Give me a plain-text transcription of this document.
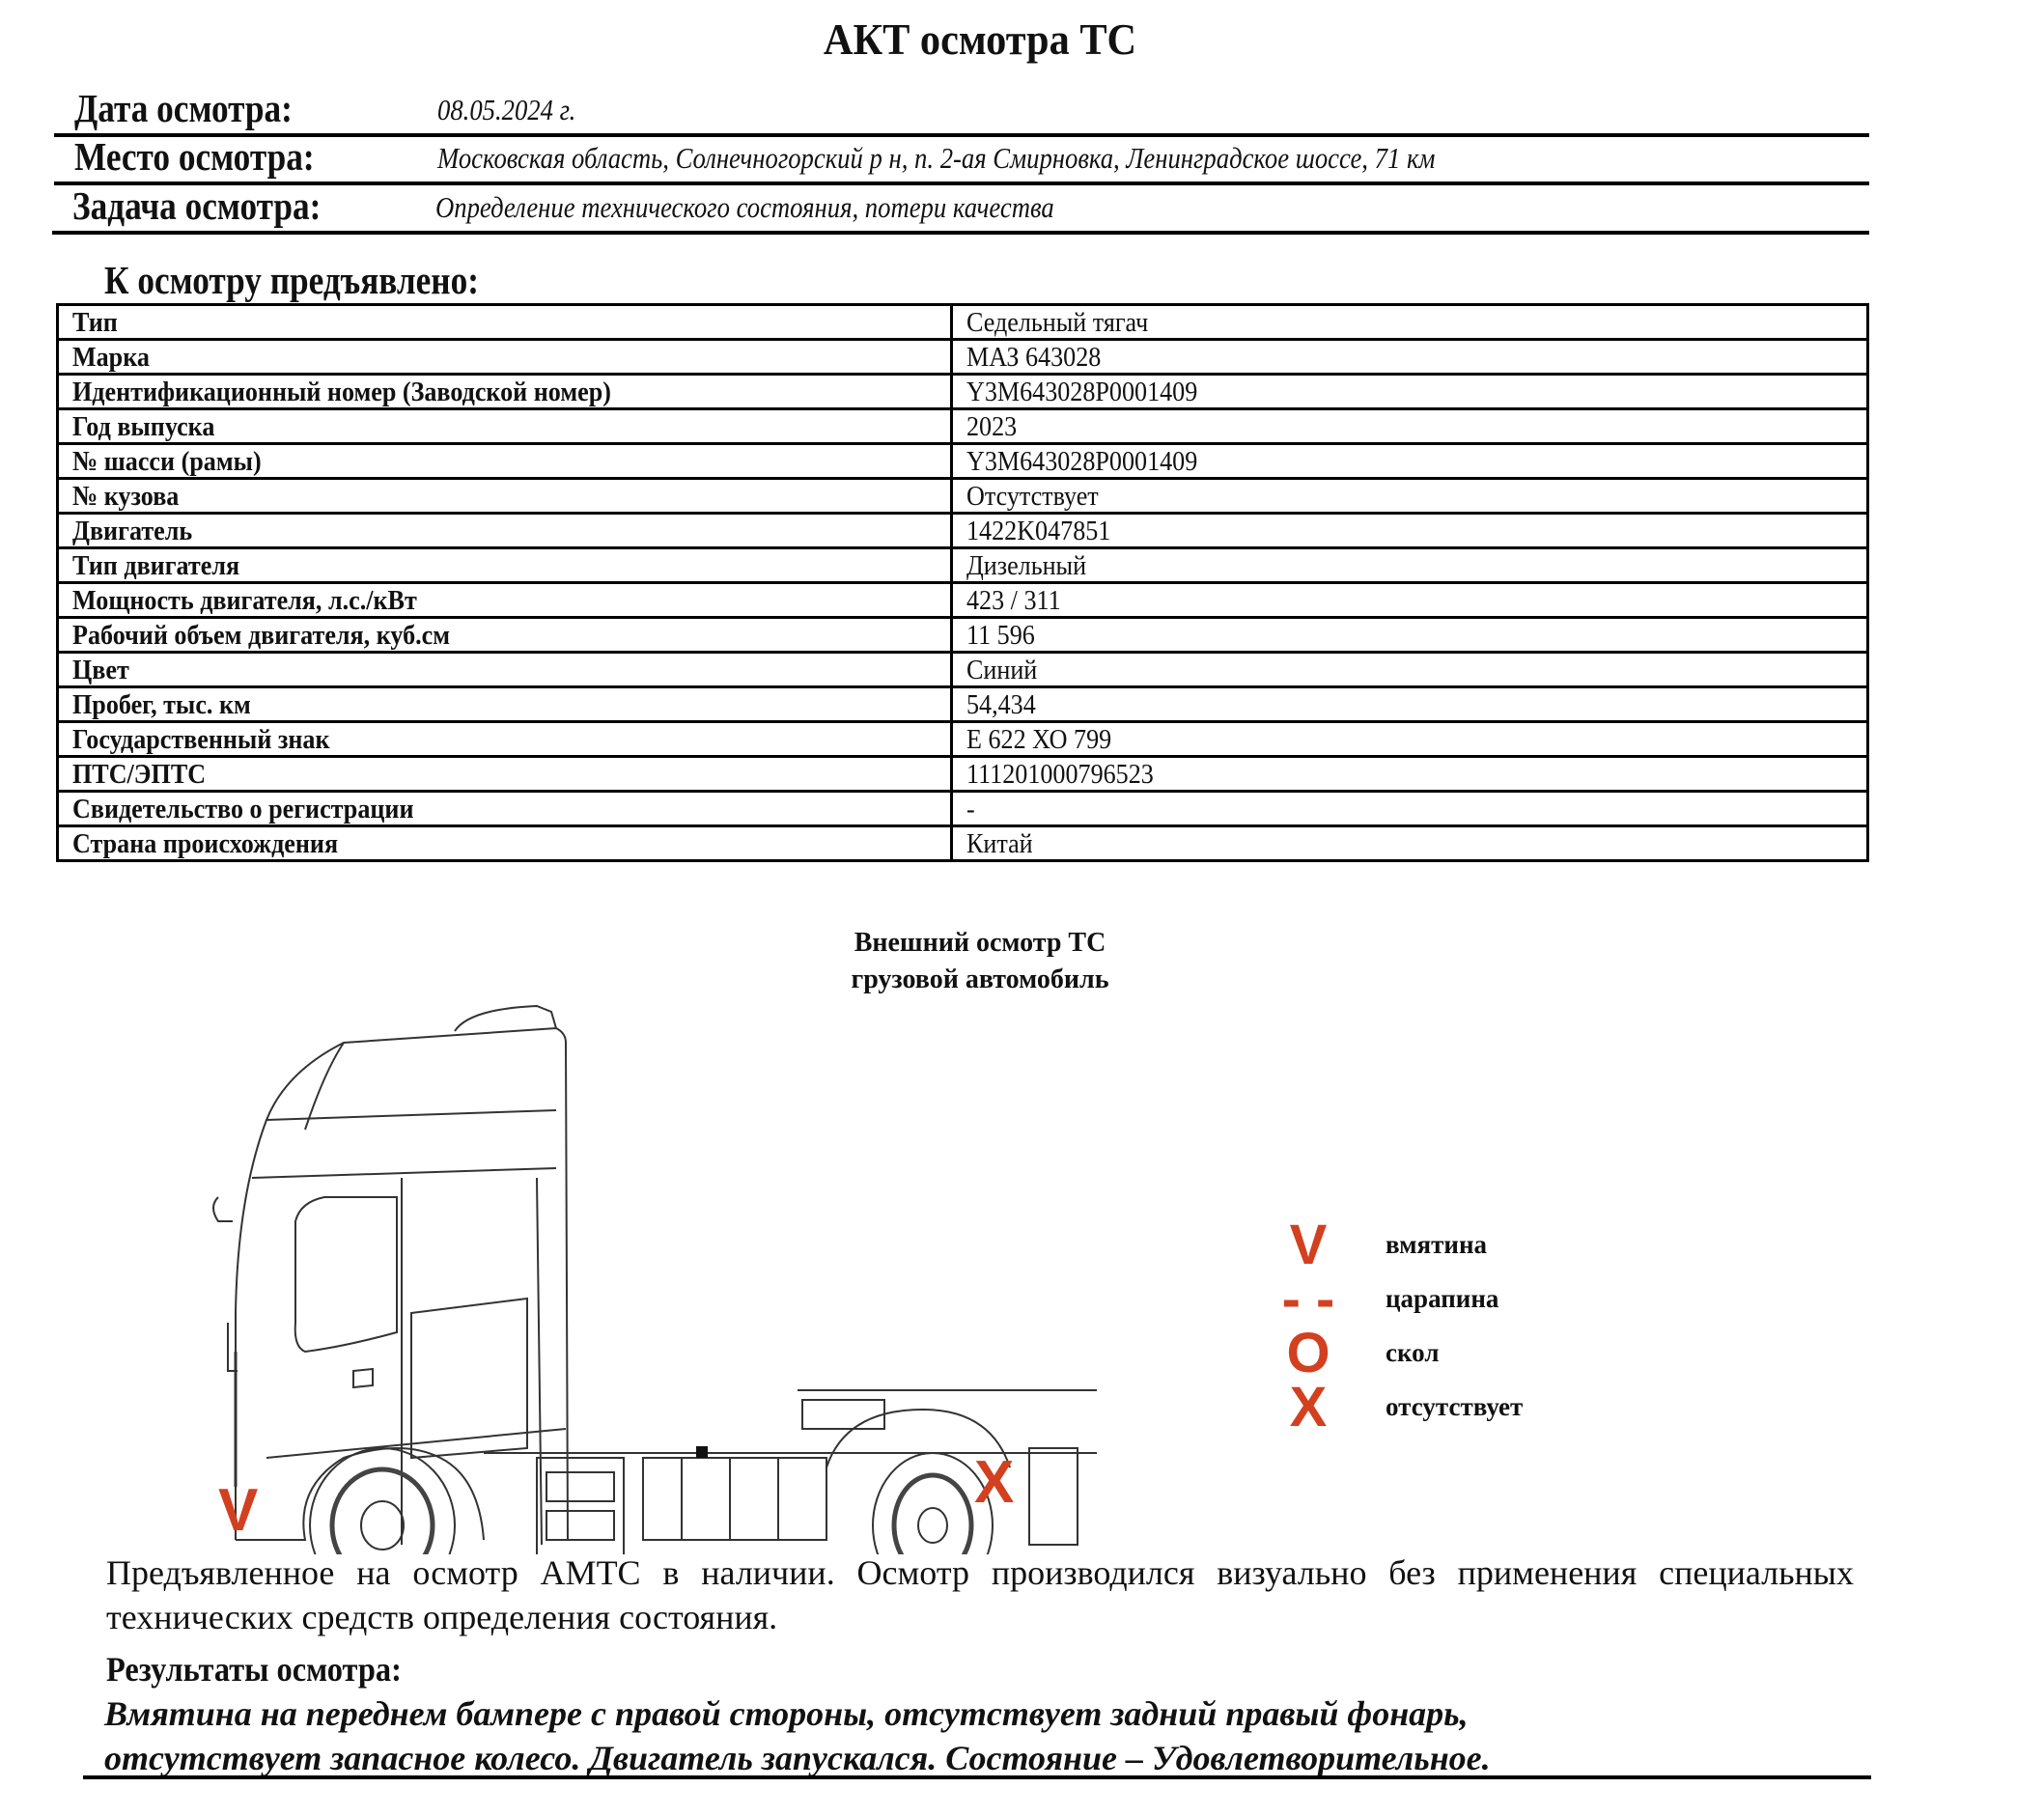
АКТ осмотра ТС
Дата осмотра:	08.05.2024 г.
Место осмотра:	Московская область, Солнечногорский р н, п. 2-ая Смирновка, Ленинградское шоссе, 71 км
Задача осмотра:	Определение технического состояния, потери качества
К осмотру предъявлено:
Тип	Седельный тягач
Марка	МАЗ 643028
Идентификационный номер (Заводской номер)	Y3M643028P0001409
Год выпуска	2023
№ шасси (рамы)	Y3M643028P0001409
№ кузова	Отсутствует
Двигатель	1422K047851
Тип двигателя	Дизельный
Мощность двигателя, л.с./кВт	423 / 311
Рабочий объем двигателя, куб.см	11 596
Цвет	Синий
Пробег, тыс. км	54,434
Государственный знак	Е 622 ХО 799
ПТС/ЭПТС	111201000796523
Свидетельство о регистрации	-
Страна происхождения	Китай
Внешний осмотр ТС
грузовой автомобиль
V	X
V	вмятина
- -	царапина
O	скол
X	отсутствует
Предъявленное на осмотр АМТС в наличии. Осмотр производился визуально без применения специальных технических средств определения состояния.
Результаты осмотра:
Вмятина на переднем бампере с правой стороны, отсутствует задний правый фонарь,
отсутствует запасное колесо. Двигатель запускался. Состояние – Удовлетворительное.
